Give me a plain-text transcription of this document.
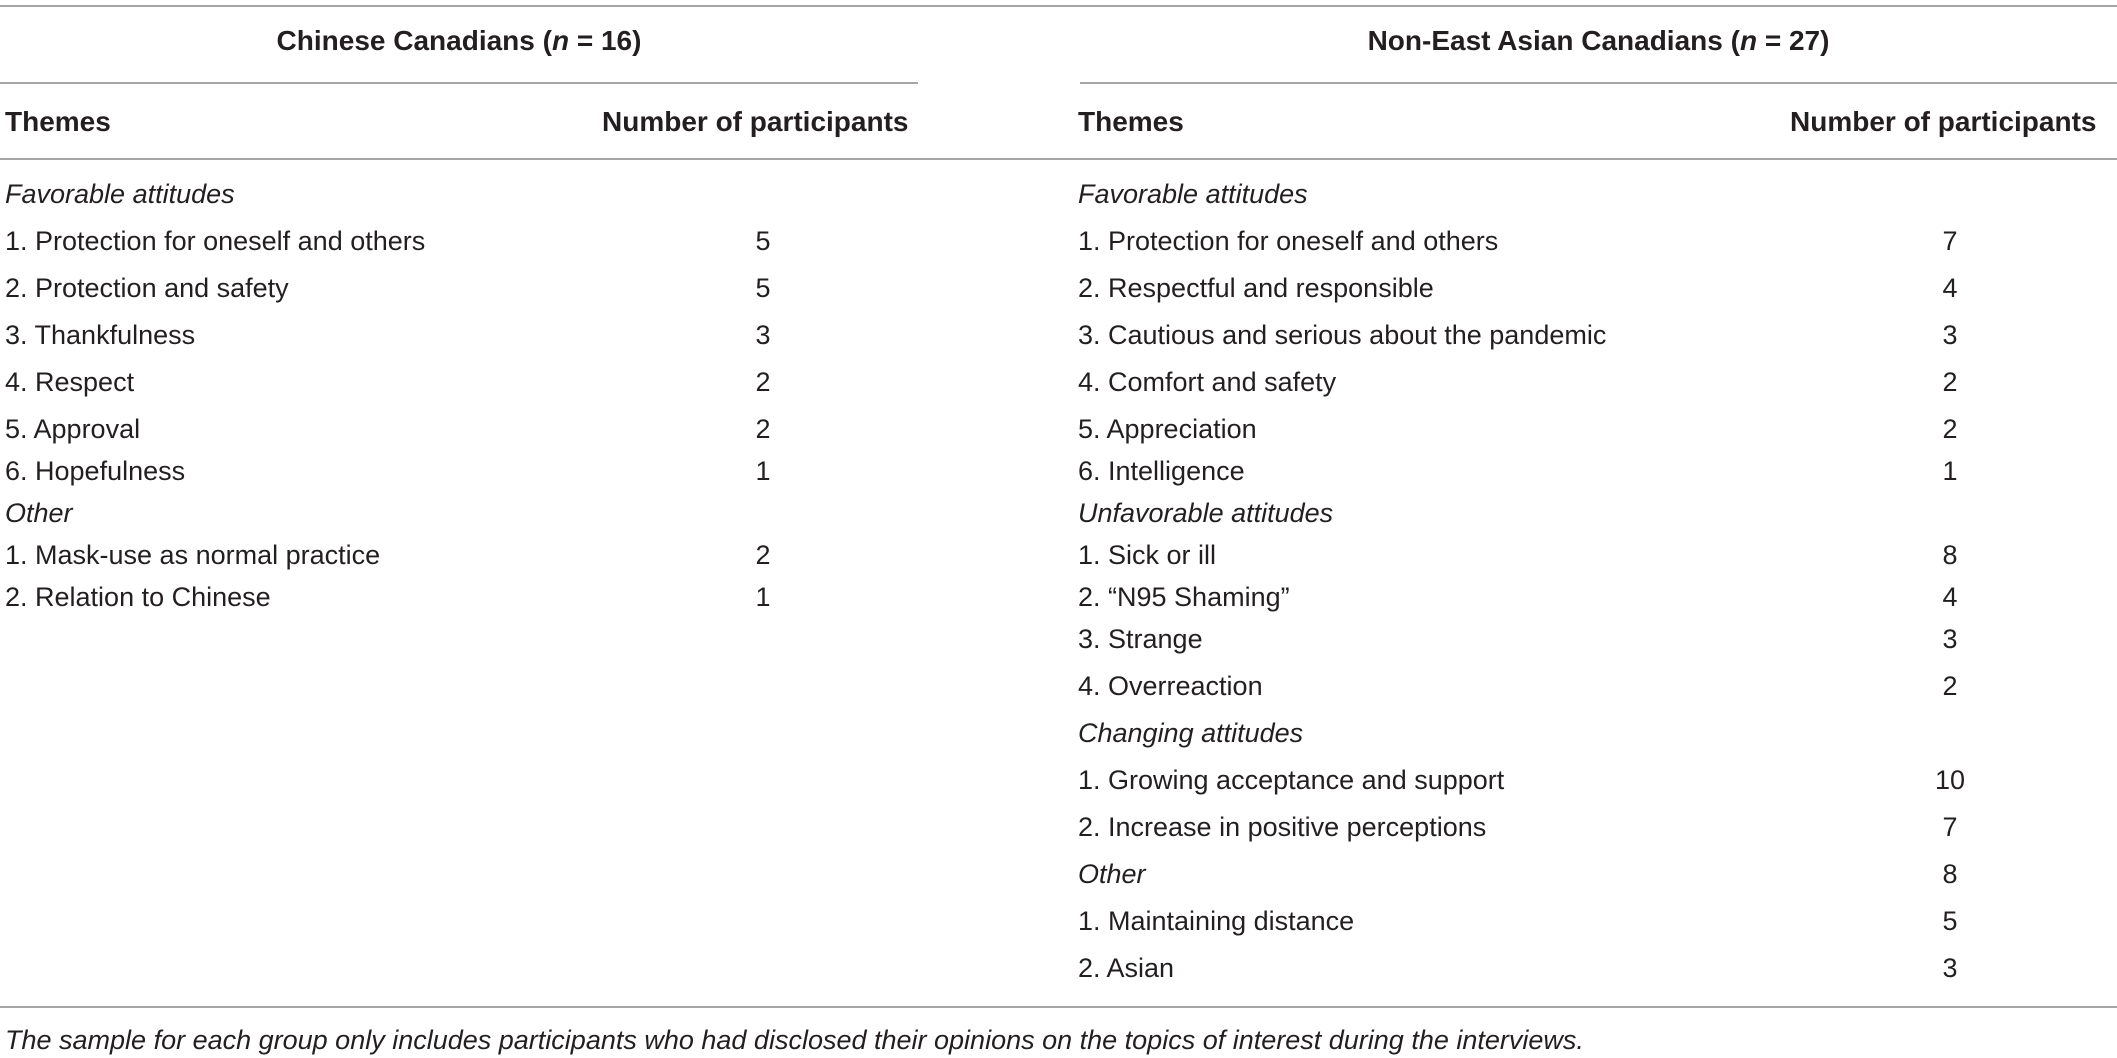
Chinese Canadians (n = 16)	Non-East Asian Canadians (n = 27)
Themes	Number of participants	Themes	Number of participants
Favorable attitudes
1. Protection for oneself and others	5
2. Protection and safety	5
3. Thankfulness	3
4. Respect	2
5. Approval	2
6. Hopefulness	1
Other
1. Mask-use as normal practice	2
2. Relation to Chinese	1
Favorable attitudes
1. Protection for oneself and others	7
2. Respectful and responsible	4
3. Cautious and serious about the pandemic	3
4. Comfort and safety	2
5. Appreciation	2
6. Intelligence	1
Unfavorable attitudes
1. Sick or ill	8
2. “N95 Shaming”	4
3. Strange	3
4. Overreaction	2
Changing attitudes
1. Growing acceptance and support	10
2. Increase in positive perceptions	7
Other	8
1. Maintaining distance	5
2. Asian	3
The sample for each group only includes participants who had disclosed their opinions on the topics of interest during the interviews.
